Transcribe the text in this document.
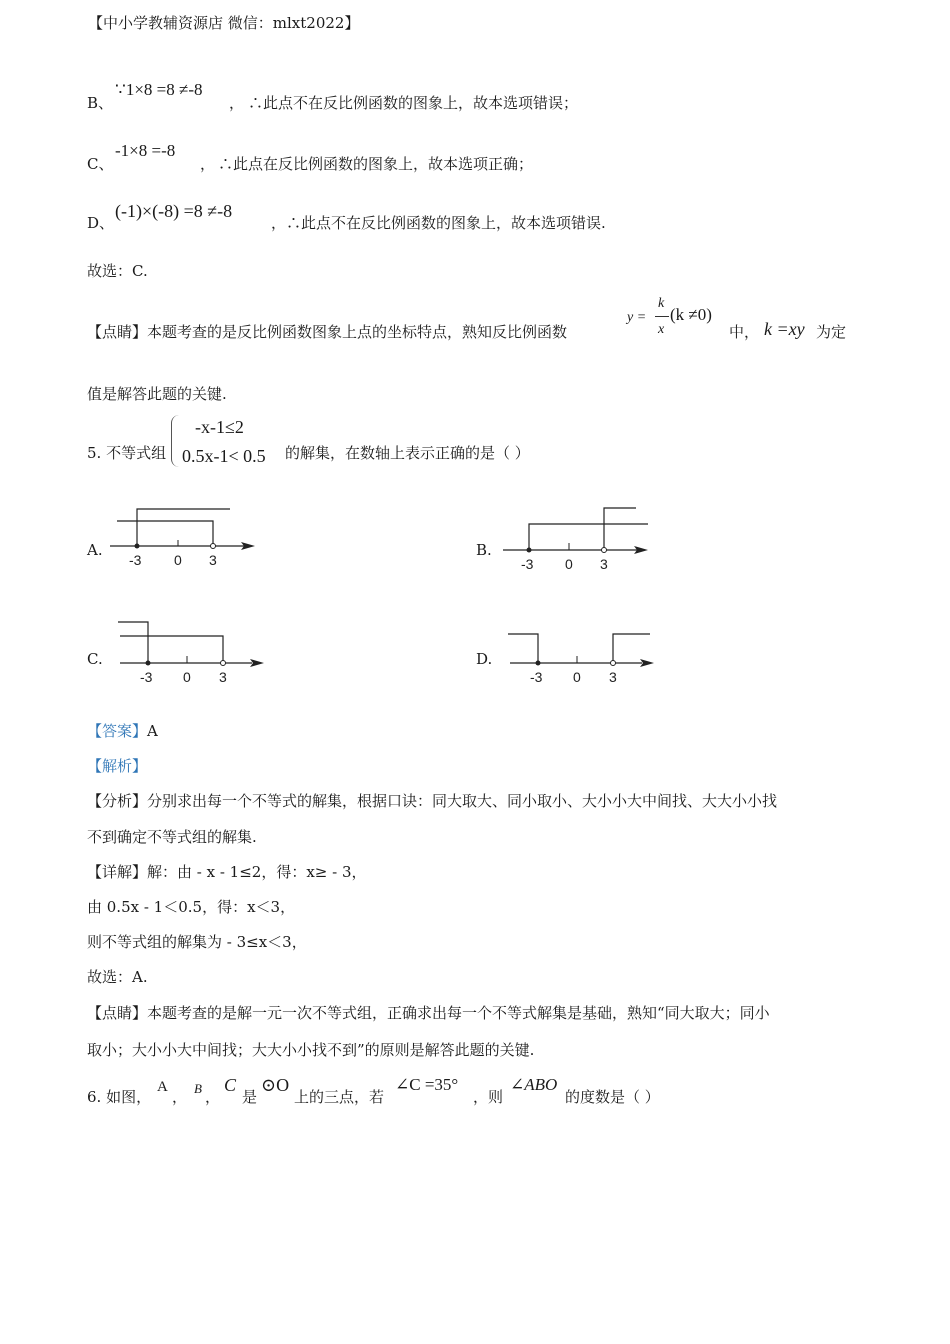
【中小学教辅资源店 微信：mlxt2022】
B、
∵1×8 =8 ≠-8
， ∴此点不在反比例函数的图象上，故本选项错误；
C、
-1×8 =-8
， ∴此点在反比例函数的图象上，故本选项正确；
D、
(-1)×(-8) =8 ≠-8
，∴此点不在反比例函数的图象上，故本选项错误.
故选：C.
【点睛】本题考查的是反比例函数图象上点的坐标特点，熟知反比例函数
y =
k
x
(k ≠0)
中， k =xy 为定
值是解答此题的关键.
5. 不等式组
-x-1≤2
0.5x-1< 0.5 的解集，在数轴上表示正确的是（ ）
A.
-3 0 3
B.
-3 0 3
C.
-3 0 3
D.
-3 0 3
【答案】A
【解析】
【分析】分别求出每一个不等式的解集，根据口诀：同大取大、同小取小、大小小大中间找、大大小小找
不到确定不等式组的解集.
【详解】解：由 - x - 1≤2，得：x≥ - 3，
由 0.5x - 1＜0.5，得：x＜3，
则不等式组的解集为 - 3≤x＜3，
故选：A.
【点睛】本题考查的是解一元一次不等式组，正确求出每一个不等式解集是基础，熟知“同大取大；同小
取小；大小小大中间找；大大小小找不到”的原则是解答此题的关键.
6. 如图，
A
， B ，
C
是
⊙O
上的三点，若
∠C =35°
，则
∠ABO
的度数是（ ）
